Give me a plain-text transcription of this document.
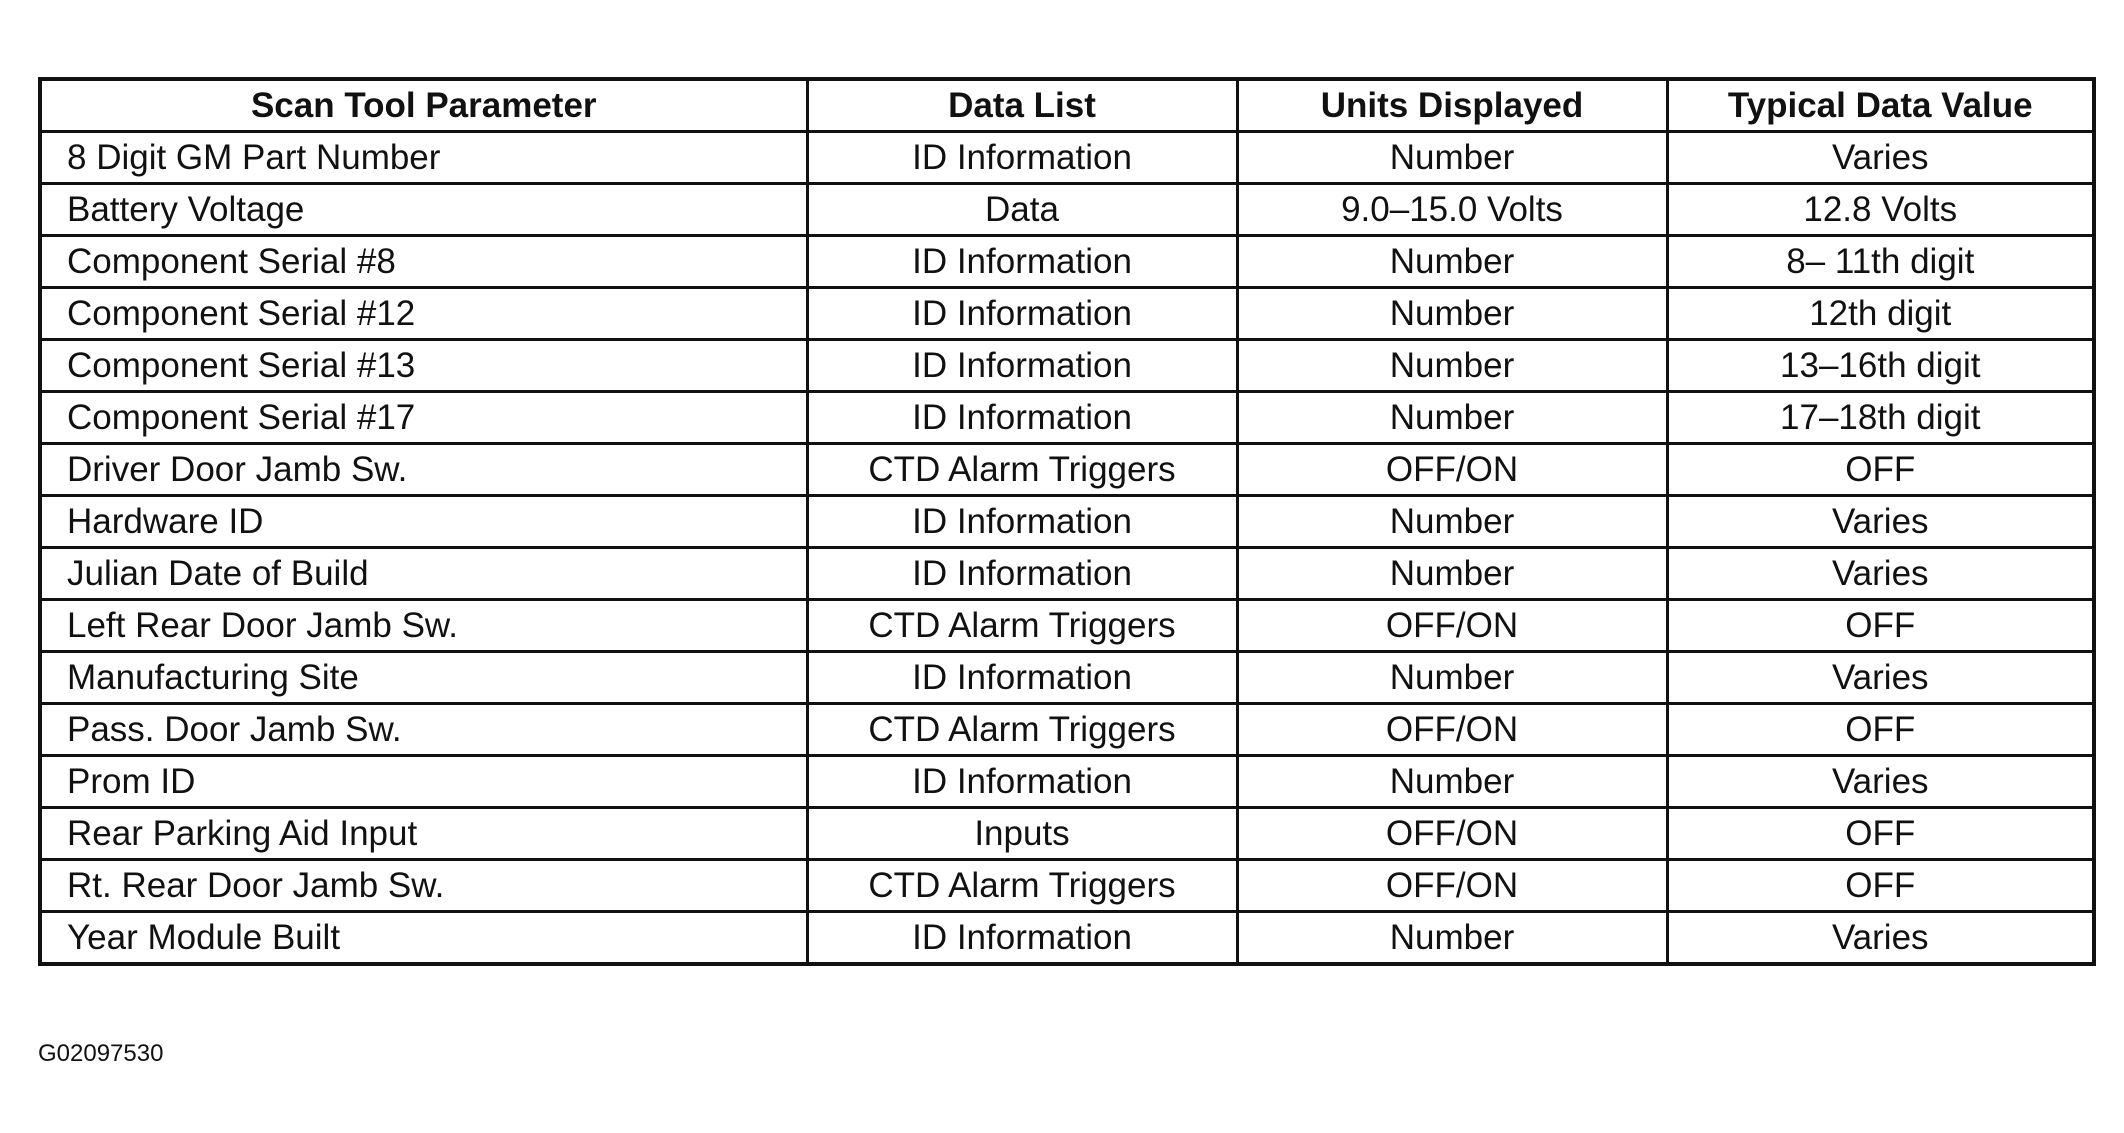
Scan Tool Parameter	Data List	Units Displayed	Typical Data Value
8 Digit GM Part Number	ID Information	Number	Varies
Battery Voltage	Data	9.0–15.0 Volts	12.8 Volts
Component Serial #8	ID Information	Number	8– 11th digit
Component Serial #12	ID Information	Number	12th digit
Component Serial #13	ID Information	Number	13–16th digit
Component Serial #17	ID Information	Number	17–18th digit
Driver Door Jamb Sw.	CTD Alarm Triggers	OFF/ON	OFF
Hardware ID	ID Information	Number	Varies
Julian Date of Build	ID Information	Number	Varies
Left Rear Door Jamb Sw.	CTD Alarm Triggers	OFF/ON	OFF
Manufacturing Site	ID Information	Number	Varies
Pass. Door Jamb Sw.	CTD Alarm Triggers	OFF/ON	OFF
Prom ID	ID Information	Number	Varies
Rear Parking Aid Input	Inputs	OFF/ON	OFF
Rt. Rear Door Jamb Sw.	CTD Alarm Triggers	OFF/ON	OFF
Year Module Built	ID Information	Number	Varies
G02097530
